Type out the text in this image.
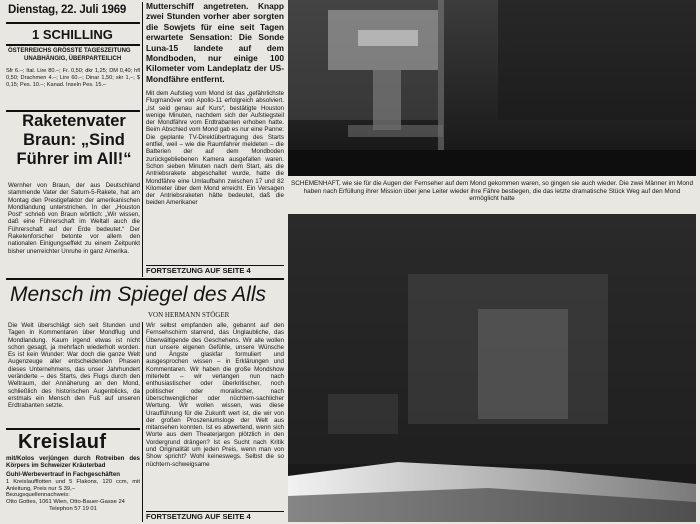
Dienstag, 22. Juli 1969
1 SCHILLING
ÖSTERREICHS GRÖSSTE TAGESZEITUNG
UNABHÄNGIG, ÜBERPARTEILICH
Sfr 6.–; Ital. Lire 80.–; Fr. 0,50; dkr 1,25; DM 0,40; hfl 0,50; Drachmen 4.–; Lire 60.–; Dinar 1,50; skr 1,–; $ 0,15; Pes. 10.–; Kanad. Inseln Pes. 15.–
Mutterschiff angetreten. Knapp zwei Stunden vorher aber sorgten die Sowjets für eine seit Tagen erwartete Sensation: Die Sonde Luna-15 landete auf dem Mondboden, nur einige 100 Kilometer vom Landeplatz der US-Mondfähre entfernt.
Mit dem Aufstieg vom Mond ist das „gefährlichste Flugmanöver von Apollo-11 erfolgreich absolviert. „Ist seid genau auf Kurs“, bestätigte Houston wenige Minuten, nachdem sich der Aufstiegsteil der Mondfähre vom Erdtrabanten erhoben hatte. Beim Abschied vom Mond gab es nur eine Panne: Die geplante TV-Direktübertragung des Starts entfiel, weil – wie die Raumfahrer meldeten – die Batterien der auf dem Mondboden zurückgebliebenen Kamera ausgefallen waren. Schon sieben Minuten nach dem Start, als die Antriebsrakete abgeschaltet wurde, hatte die Mondfähre eine Umlaufbahn zwischen 17 und 82 Kilometer über dem Mond erreicht. Ein Versagen der Antriebsraketen hätte bedeutet, daß die beiden Amerikaner
FORTSETZUNG AUF SEITE 4
Raketenvater Braun: „Sind Führer im All!“
Wernher von Braun, der aus Deutschland stammende Vater der Saturn-5-Rakete, hat am Montag den Prestigefaktor der amerikanischen Mondlandung unterstrichen. In der „Houston Post“ schrieb von Braun wörtlich: „Wir wissen, daß eine Führerschaft im Weltall auch die Führerschaft auf der Erde bedeutet.“ Der Raketenforscher betonte vor allem den nationalen Einigungseffekt zu einem Zeitpunkt bisher unerreichter Unruhe in ganz Amerika.
SCHEMENHAFT, wie sie für die Augen der Fernseher auf dem Mond gekommen waren, so gingen sie auch wieder. Die zwei Männer im Mond haben nach Erfüllung ihrer Mission über jene Leiter wieder ihre Fähre bestiegen, die das letzte dramatische Stück Weg auf den Mond ermöglicht hatte
Mensch im Spiegel des Alls
VON HERMANN STÖGER
Die Welt überschlägt sich seit Stunden und Tagen in Kommentaren über Mondflug und Mondlandung. Kaum irgend etwas ist nicht schon gesagt, ja mehrfach wiederholt worden. Es ist kein Wunder: War doch die ganze Welt Augenzeuge aller entscheidenden Phasen dieses Unternehmens, das unser Jahrhundert veränderte – des Starts, des Flugs durch den Weltraum, der Annäherung an den Mond, schließlich des historischen Augenblicks, da erstmals ein Mensch den Fuß auf unseren Erdtrabanten setzte.
Wir selbst empfanden alle, gebannt auf den Fernsehschirm starrend, das Unglaubliche, das Überwältigende des Geschehens. Wir alle wollen nun unsere eigenen Gefühle, unsere Wünsche und Ängste glaskfar formuliert und ausgesprochen wissen – in Erklärungen und Kommentaren. Wir haben die große Mondshow miterlebt – wir verlangen nun nach enthusiastischer oder überkritischer, noch politischer oder moralischer, nach überschwenglicher oder nüchtern-sachlicher Wertung. Wir wollen wissen, was diese Uraufführung für die Zukunft wert ist, die wir von der großen Proszeniumsloge der Welt aus mitansehen konnten. Ist es abwertend, wenn sich Worte aus dem Theaterjargon plötzlich in den Vordergrund drängen? Ist es Sucht nach Kritik und Originalität um jeden Preis, wenn man von Show spricht? Wohl keineswegs. Selbst die so nüchtern-schweigsame
FORTSETZUNG AUF SEITE 4
Kreislauf
mit/Kolos verjüngen durch Rotreiben des Körpers im Schweizer Kräuterbad
Guhl-Werbevertrauf in Fachgeschäften
1 Kreislaufflotten und 5 Flakons, 120 ccm, mit Anleitung, Preis nur S 39,–
Bezugsquellennachweis:
Otto Gottes, 1061 Wien, Otto-Bauer-Gasse 24
Telephon 57 19 01
